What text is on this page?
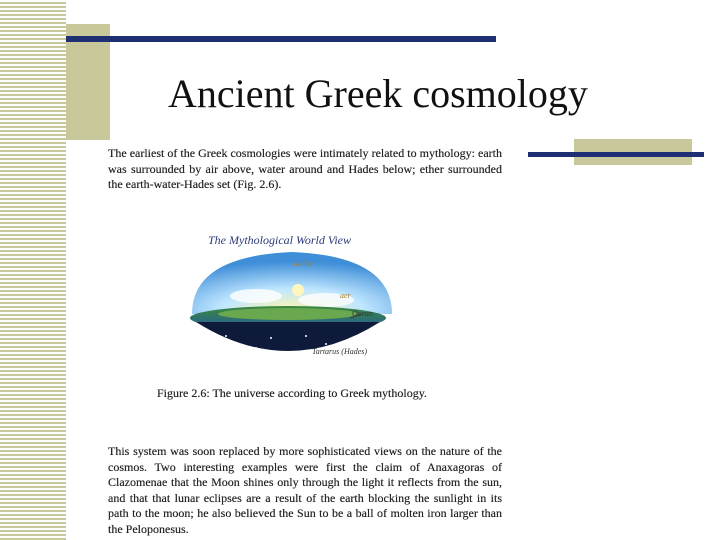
Ancient Greek cosmology

The earliest of the Greek cosmologies were intimately related to mythology: earth was surrounded by air above, water around and Hades below; ether surrounded the earth-water-Hades set (Fig. 2.6).

The Mythological World View
aither
aer
Ocean
Tartarus (Hades)

Figure 2.6: The universe according to Greek mythology.

This system was soon replaced by more sophisticated views on the nature of the cosmos. Two interesting examples were first the claim of Anaxagoras of Clazomenae that the Moon shines only through the light it reflects from the sun, and that that lunar eclipses are a result of the earth blocking the sunlight in its path to the moon; he also believed the Sun to be a ball of molten iron larger than the Peloponesus.
